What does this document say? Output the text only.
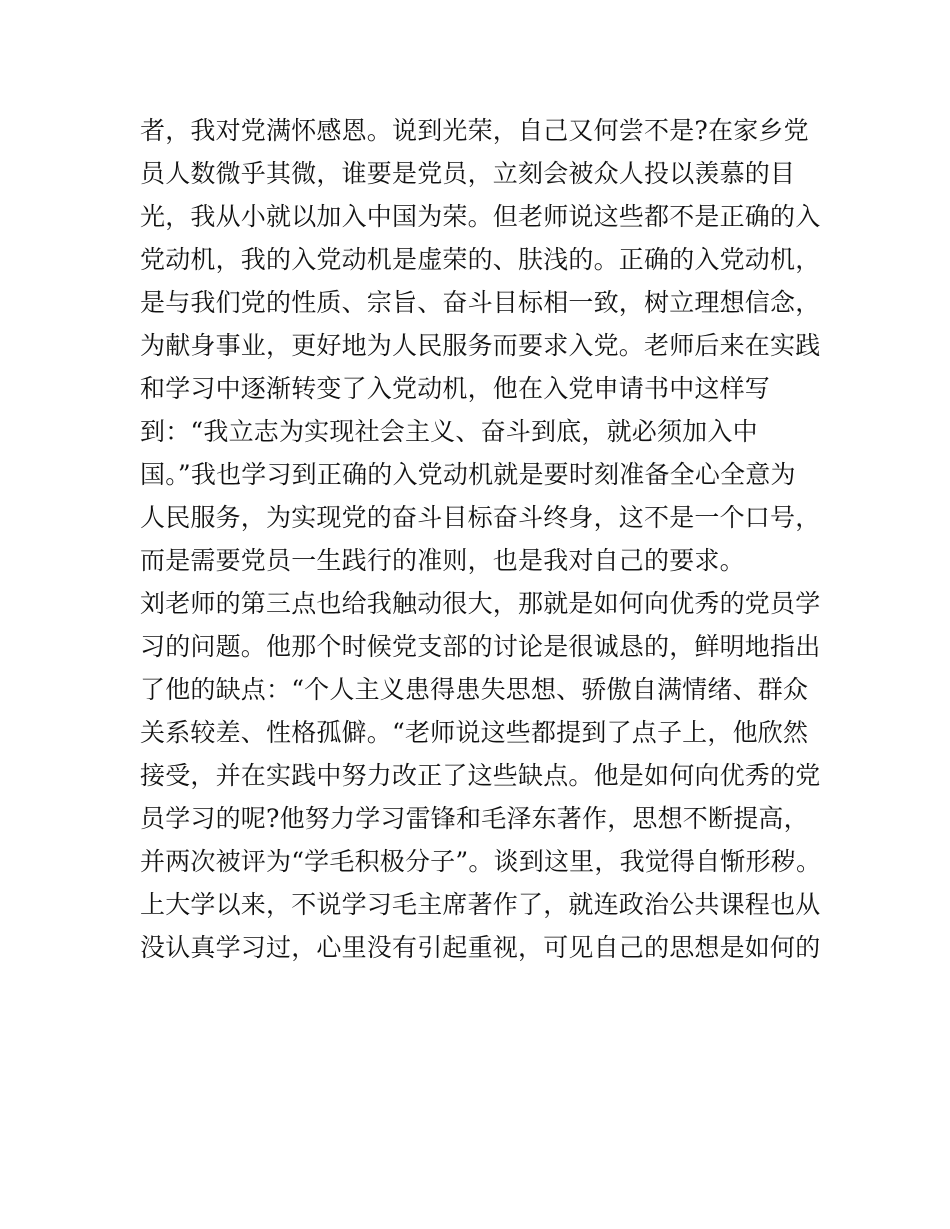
者，我对党满怀感恩。说到光荣，自己又何尝不是?在家乡党
员人数微乎其微，谁要是党员，立刻会被众人投以羡慕的目
光，我从小就以加入中国为荣。但老师说这些都不是正确的入
党动机，我的入党动机是虚荣的、肤浅的。正确的入党动机，
是与我们党的性质、宗旨、奋斗目标相一致，树立理想信念，
为献身事业，更好地为人民服务而要求入党。老师后来在实践
和学习中逐渐转变了入党动机，他在入党申请书中这样写
到：“我立志为实现社会主义、奋斗到底，就必须加入中
国。”我也学习到正确的入党动机就是要时刻准备全心全意为
人民服务，为实现党的奋斗目标奋斗终身，这不是一个口号，
而是需要党员一生践行的准则，也是我对自己的要求。
刘老师的第三点也给我触动很大，那就是如何向优秀的党员学
习的问题。他那个时候党支部的讨论是很诚恳的，鲜明地指出
了他的缺点：“个人主义患得患失思想、骄傲自满情绪、群众
关系较差、性格孤僻。“老师说这些都提到了点子上，他欣然
接受，并在实践中努力改正了这些缺点。他是如何向优秀的党
员学习的呢?他努力学习雷锋和毛泽东著作，思想不断提高，
并两次被评为“学毛积极分子”。谈到这里，我觉得自惭形秽。
上大学以来，不说学习毛主席著作了，就连政治公共课程也从
没认真学习过，心里没有引起重视，可见自己的思想是如何的
